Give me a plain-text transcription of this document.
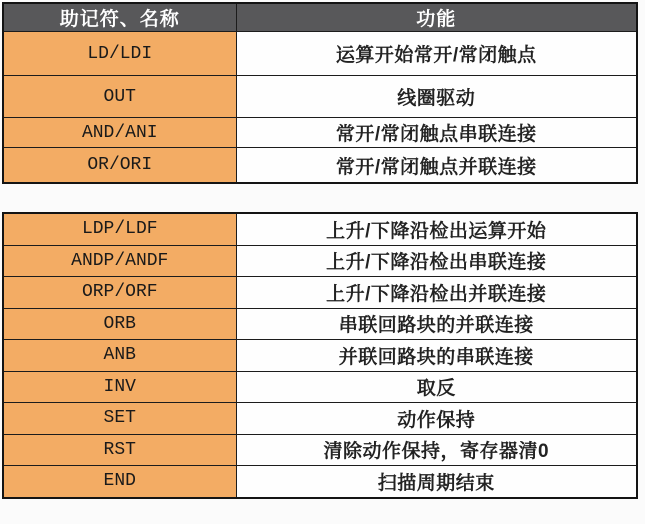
助记符、名称	功能
LD/LDI	运算开始常开/常闭触点
OUT	线圈驱动
AND/ANI	常开/常闭触点串联连接
OR/ORI	常开/常闭触点并联连接
LDP/LDF	上升/下降沿检出运算开始
ANDP/ANDF	上升/下降沿检出串联连接
ORP/ORF	上升/下降沿检出并联连接
ORB	串联回路块的并联连接
ANB	并联回路块的串联连接
INV	取反
SET	动作保持
RST	清除动作保持，寄存器清0
END	扫描周期结束
